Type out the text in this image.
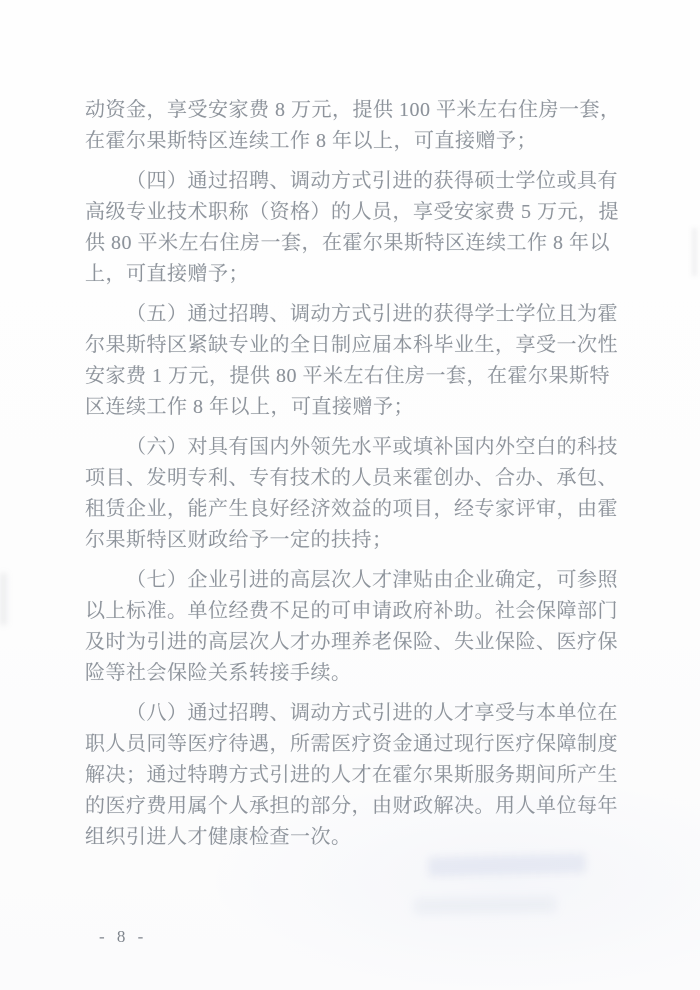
动资金，享受安家费 8 万元，提供 100 平米左右住房一套，
在霍尔果斯特区连续工作 8 年以上，可直接赠予；
（四）通过招聘、调动方式引进的获得硕士学位或具有
高级专业技术职称（资格）的人员，享受安家费 5 万元，提
供 80 平米左右住房一套，在霍尔果斯特区连续工作 8 年以
上，可直接赠予；
（五）通过招聘、调动方式引进的获得学士学位且为霍
尔果斯特区紧缺专业的全日制应届本科毕业生，享受一次性
安家费 1 万元，提供 80 平米左右住房一套，在霍尔果斯特
区连续工作 8 年以上，可直接赠予；
（六）对具有国内外领先水平或填补国内外空白的科技
项目、发明专利、专有技术的人员来霍创办、合办、承包、
租赁企业，能产生良好经济效益的项目，经专家评审，由霍
尔果斯特区财政给予一定的扶持；
（七）企业引进的高层次人才津贴由企业确定，可参照
以上标准。单位经费不足的可申请政府补助。社会保障部门
及时为引进的高层次人才办理养老保险、失业保险、医疗保
险等社会保险关系转接手续。
（八）通过招聘、调动方式引进的人才享受与本单位在
职人员同等医疗待遇，所需医疗资金通过现行医疗保障制度
解决；通过特聘方式引进的人才在霍尔果斯服务期间所产生
的医疗费用属个人承担的部分，由财政解决。用人单位每年
组织引进人才健康检查一次。
- 8 -
